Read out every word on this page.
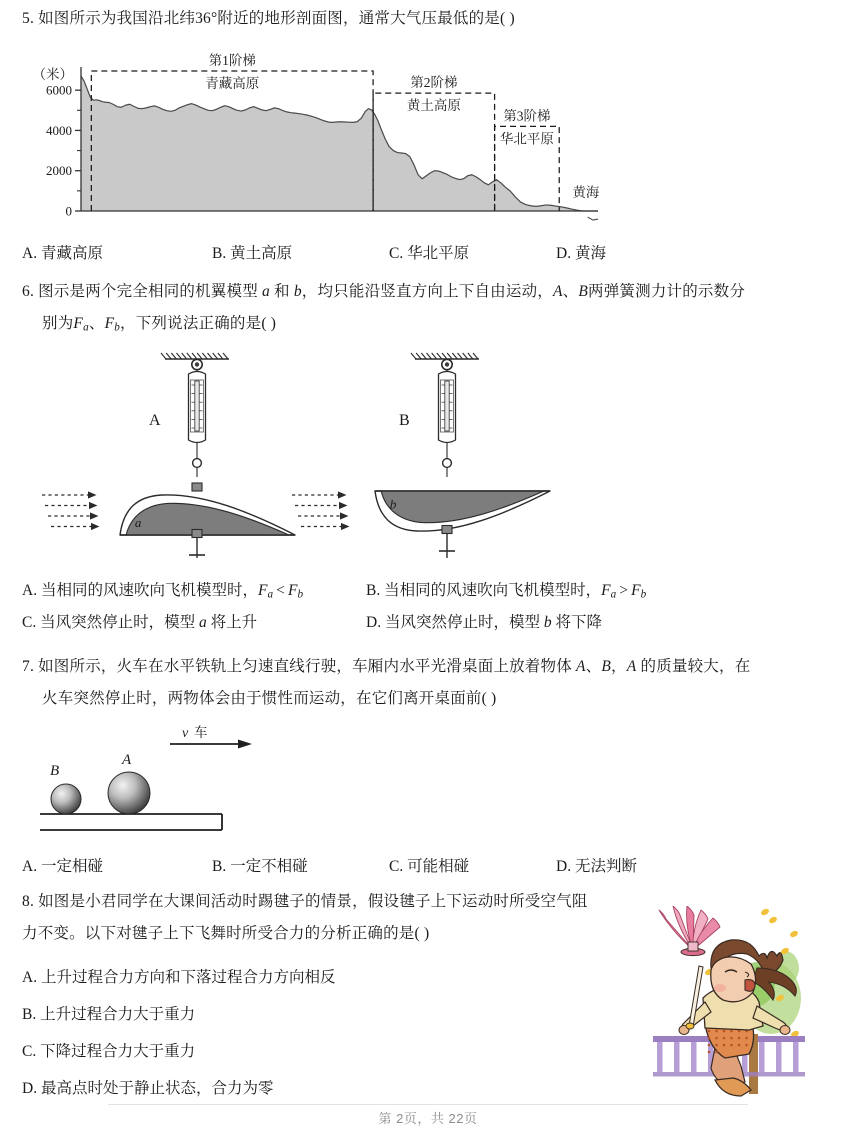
5. 如图所示为我国沿北纬36°附近的地形剖面图，通常大气压最低的是( )
0
2000
4000
6000
（米）
第1阶梯
青藏高原	第2阶梯
黄土高原
第3阶梯
华北平原
黄海
A. 青藏高原	B. 黄土高原	C. 华北平原	D. 黄海
6. 图示是两个完全相同的机翼模型 a 和 b，均只能沿竖直方向上下自由运动，A、B两弹簧测力计的示数分
别为$F_a$、$F_b$，下列说法正确的是( )
A
a
B
b
A. 当相同的风速吹向飞机模型时，$F_a < F_b$	B. 当相同的风速吹向飞机模型时，$F_a > F_b$
C. 当风突然停止时，模型 a 将上升	D. 当风突然停止时，模型 b 将下降
7. 如图所示，火车在水平铁轨上匀速直线行驶，车厢内水平光滑桌面上放着物体 A、B，A 的质量较大，在
火车突然停止时，两物体会由于惯性而运动，在它们离开桌面前( )
v 车
B
A
A. 一定相碰	B. 一定不相碰	C. 可能相碰	D. 无法判断
8. 如图是小君同学在大课间活动时踢毽子的情景，假设毽子上下运动时所受空气阻
力不变。以下对毽子上下飞舞时所受合力的分析正确的是( )
A. 上升过程合力方向和下落过程合力方向相反
B. 上升过程合力大于重力
C. 下降过程合力大于重力
D. 最高点时处于静止状态，合力为零
第 2页，共 22页
